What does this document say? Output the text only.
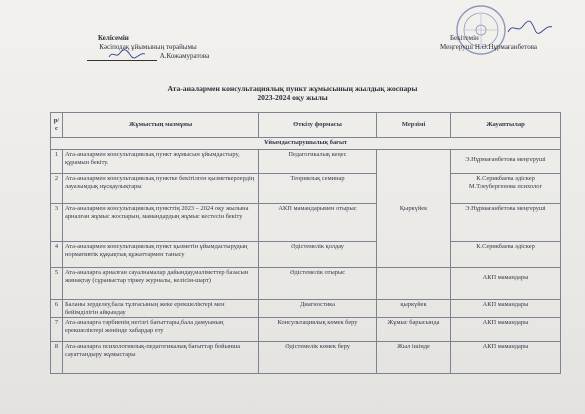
Келісемін
Кәсіподақ ұйымының төрайымы
А.Кожамуратова
Бекітемін
Меңгеруші Н.Ә.Нұрмағанбетова
Ата-аналармен консультациялық пункт жұмысының жылдық жоспары
2023-2024 оқу жылы
р/с	Жұмыстың мазмұны	Өткізу формасы	Мерзімі	Жауаптылар
Ұйымдастырушылық бағыт				
1	Ата-аналармен консультациялық пункт жұмысын ұйымдастыру, құрамын бекіту.	Педагогикалық кеңес	Қыркүйек	Э.Нұрмағанбетова меңгеруші
2	Ата-аналармен консультациялық пунктке бекітілген қызметкерлердің лауазымдық нұсқаулықтары	Теориялық семинар		К.Серикбаева әдіскер М.Тлеубергенова психолог
3	Ата-аналармен консультациялық пункттің 2023 – 2024 оқу жылына арналған жұмыс жоспарын, мамандардың жұмыс кестесін бекіту	АКП мамандарымен отырыс		Э.Нұрмағанбетова меңгеруші
4	Ата-аналармен консультациялық пункт қызметін ұйымдастырудың нормативтік құқықтық құжаттармен танысу	Әдістемелік қолдау		К.Серикбаева әдіскер
5	Ата-аналарға арналған сауалнамалар дайындау,мәліметтер базасын жинақтау (сұраныстар тіркеу журналы, келісім-шарт)	Әдістемелік отырыс		АКП мамандары
6	Баланы зерделеу,бала тұлғасының жеке ерекшеліктері мен бейімділігін айқындау	Диагностика	қыркүйек	АКП мамандары
7	Ата-аналарға тәрбиенің негізгі бағыттары,бала дамуының ерекшеліктері жөнінде хабардар ету	Консультациялық көмек беру	Жұмыс барысында	АКП мамандары
8	Ата-аналарға психологиялық-педагогикалық бағыттар бойынша сауаттандыру жұмыстары	Әдістемелік көмек беру	Жыл ішінде	АКП мамандары
